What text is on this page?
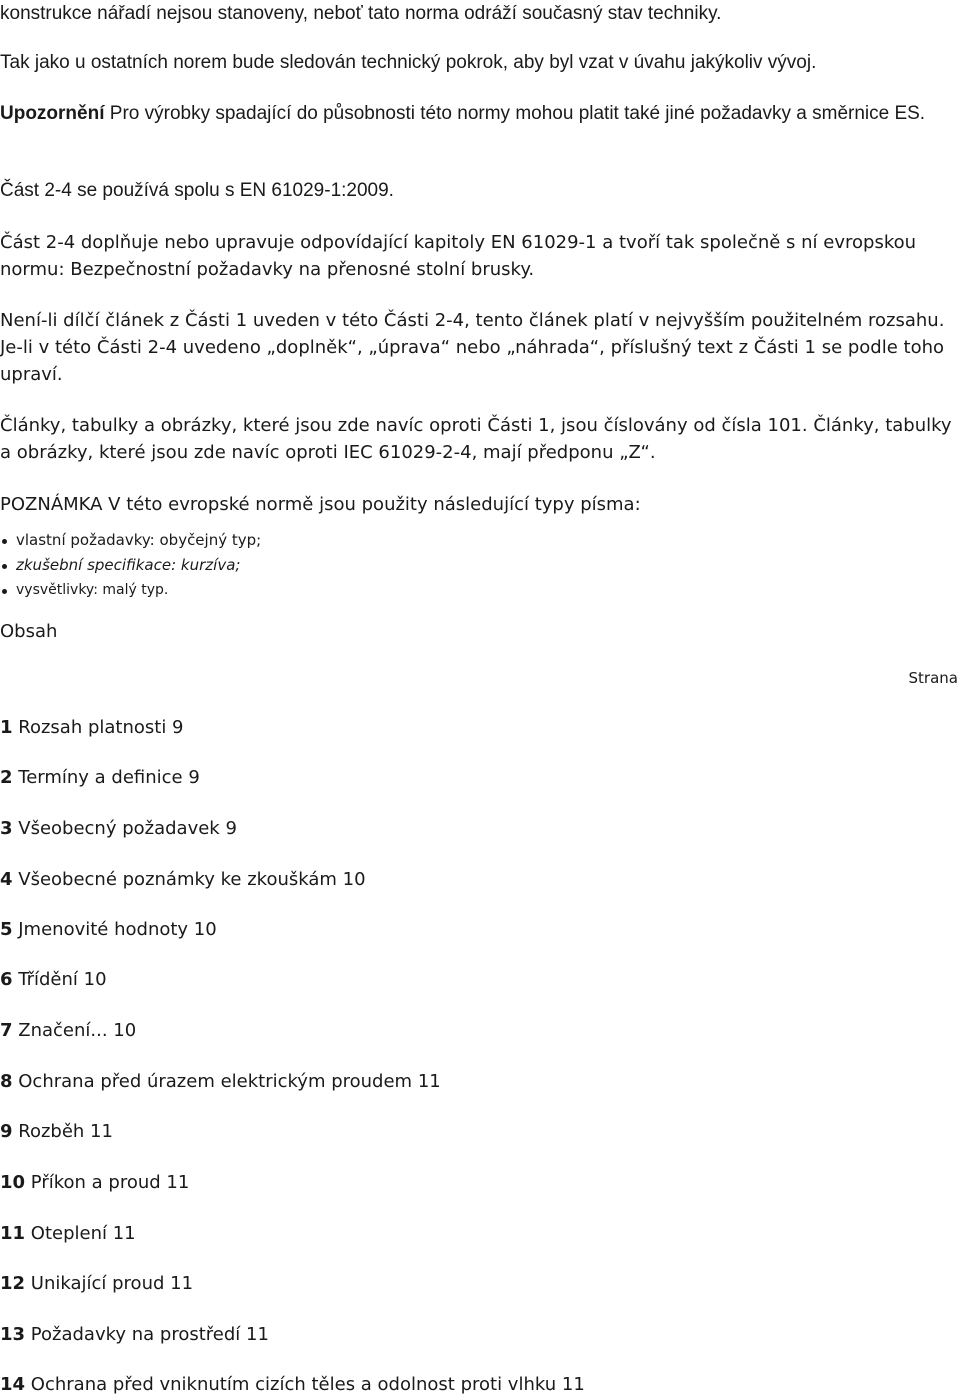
konstrukce nářadí nejsou stanoveny, neboť tato norma odráží současný stav techniky.

Tak jako u ostatních norem bude sledován technický pokrok, aby byl vzat v úvahu jakýkoliv vývoj.

Upozornění Pro výrobky spadající do působnosti této normy mohou platit také jiné požadavky a směrnice ES.

Část 2-4 se používá spolu s EN 61029-1:2009.

Část 2-4 doplňuje nebo upravuje odpovídající kapitoly EN 61029-1 a tvoří tak společně s ní evropskou normu: Bezpečnostní požadavky na přenosné stolní brusky.

Není-li dílčí článek z Části 1 uveden v této Části 2-4, tento článek platí v nejvyšším použitelném rozsahu. Je-li v této Části 2-4 uvedeno „doplněk“, „úprava“ nebo „náhrada“, příslušný text z Části 1 se podle toho upraví.

Články, tabulky a obrázky, které jsou zde navíc oproti Části 1, jsou číslovány od čísla 101. Články, tabulky a obrázky, které jsou zde navíc oproti IEC 61029-2-4, mají předponu „Z“.

POZNÁMKA V této evropské normě jsou použity následující typy písma:

vlastní požadavky: obyčejný typ;
zkušební specifikace: kurzíva;
vysvětlivky: malý typ.

Obsah

Strana
1 Rozsah platnosti 9
2 Termíny a definice 9
3 Všeobecný požadavek 9
4 Všeobecné poznámky ke zkouškám 10
5 Jmenovité hodnoty 10
6 Třídění 10
7 Značení... 10
8 Ochrana před úrazem elektrickým proudem 11
9 Rozběh 11
10 Příkon a proud 11
11 Oteplení 11
12 Unikající proud 11
13 Požadavky na prostředí 11
14 Ochrana před vniknutím cizích těles a odolnost proti vlhku 11
